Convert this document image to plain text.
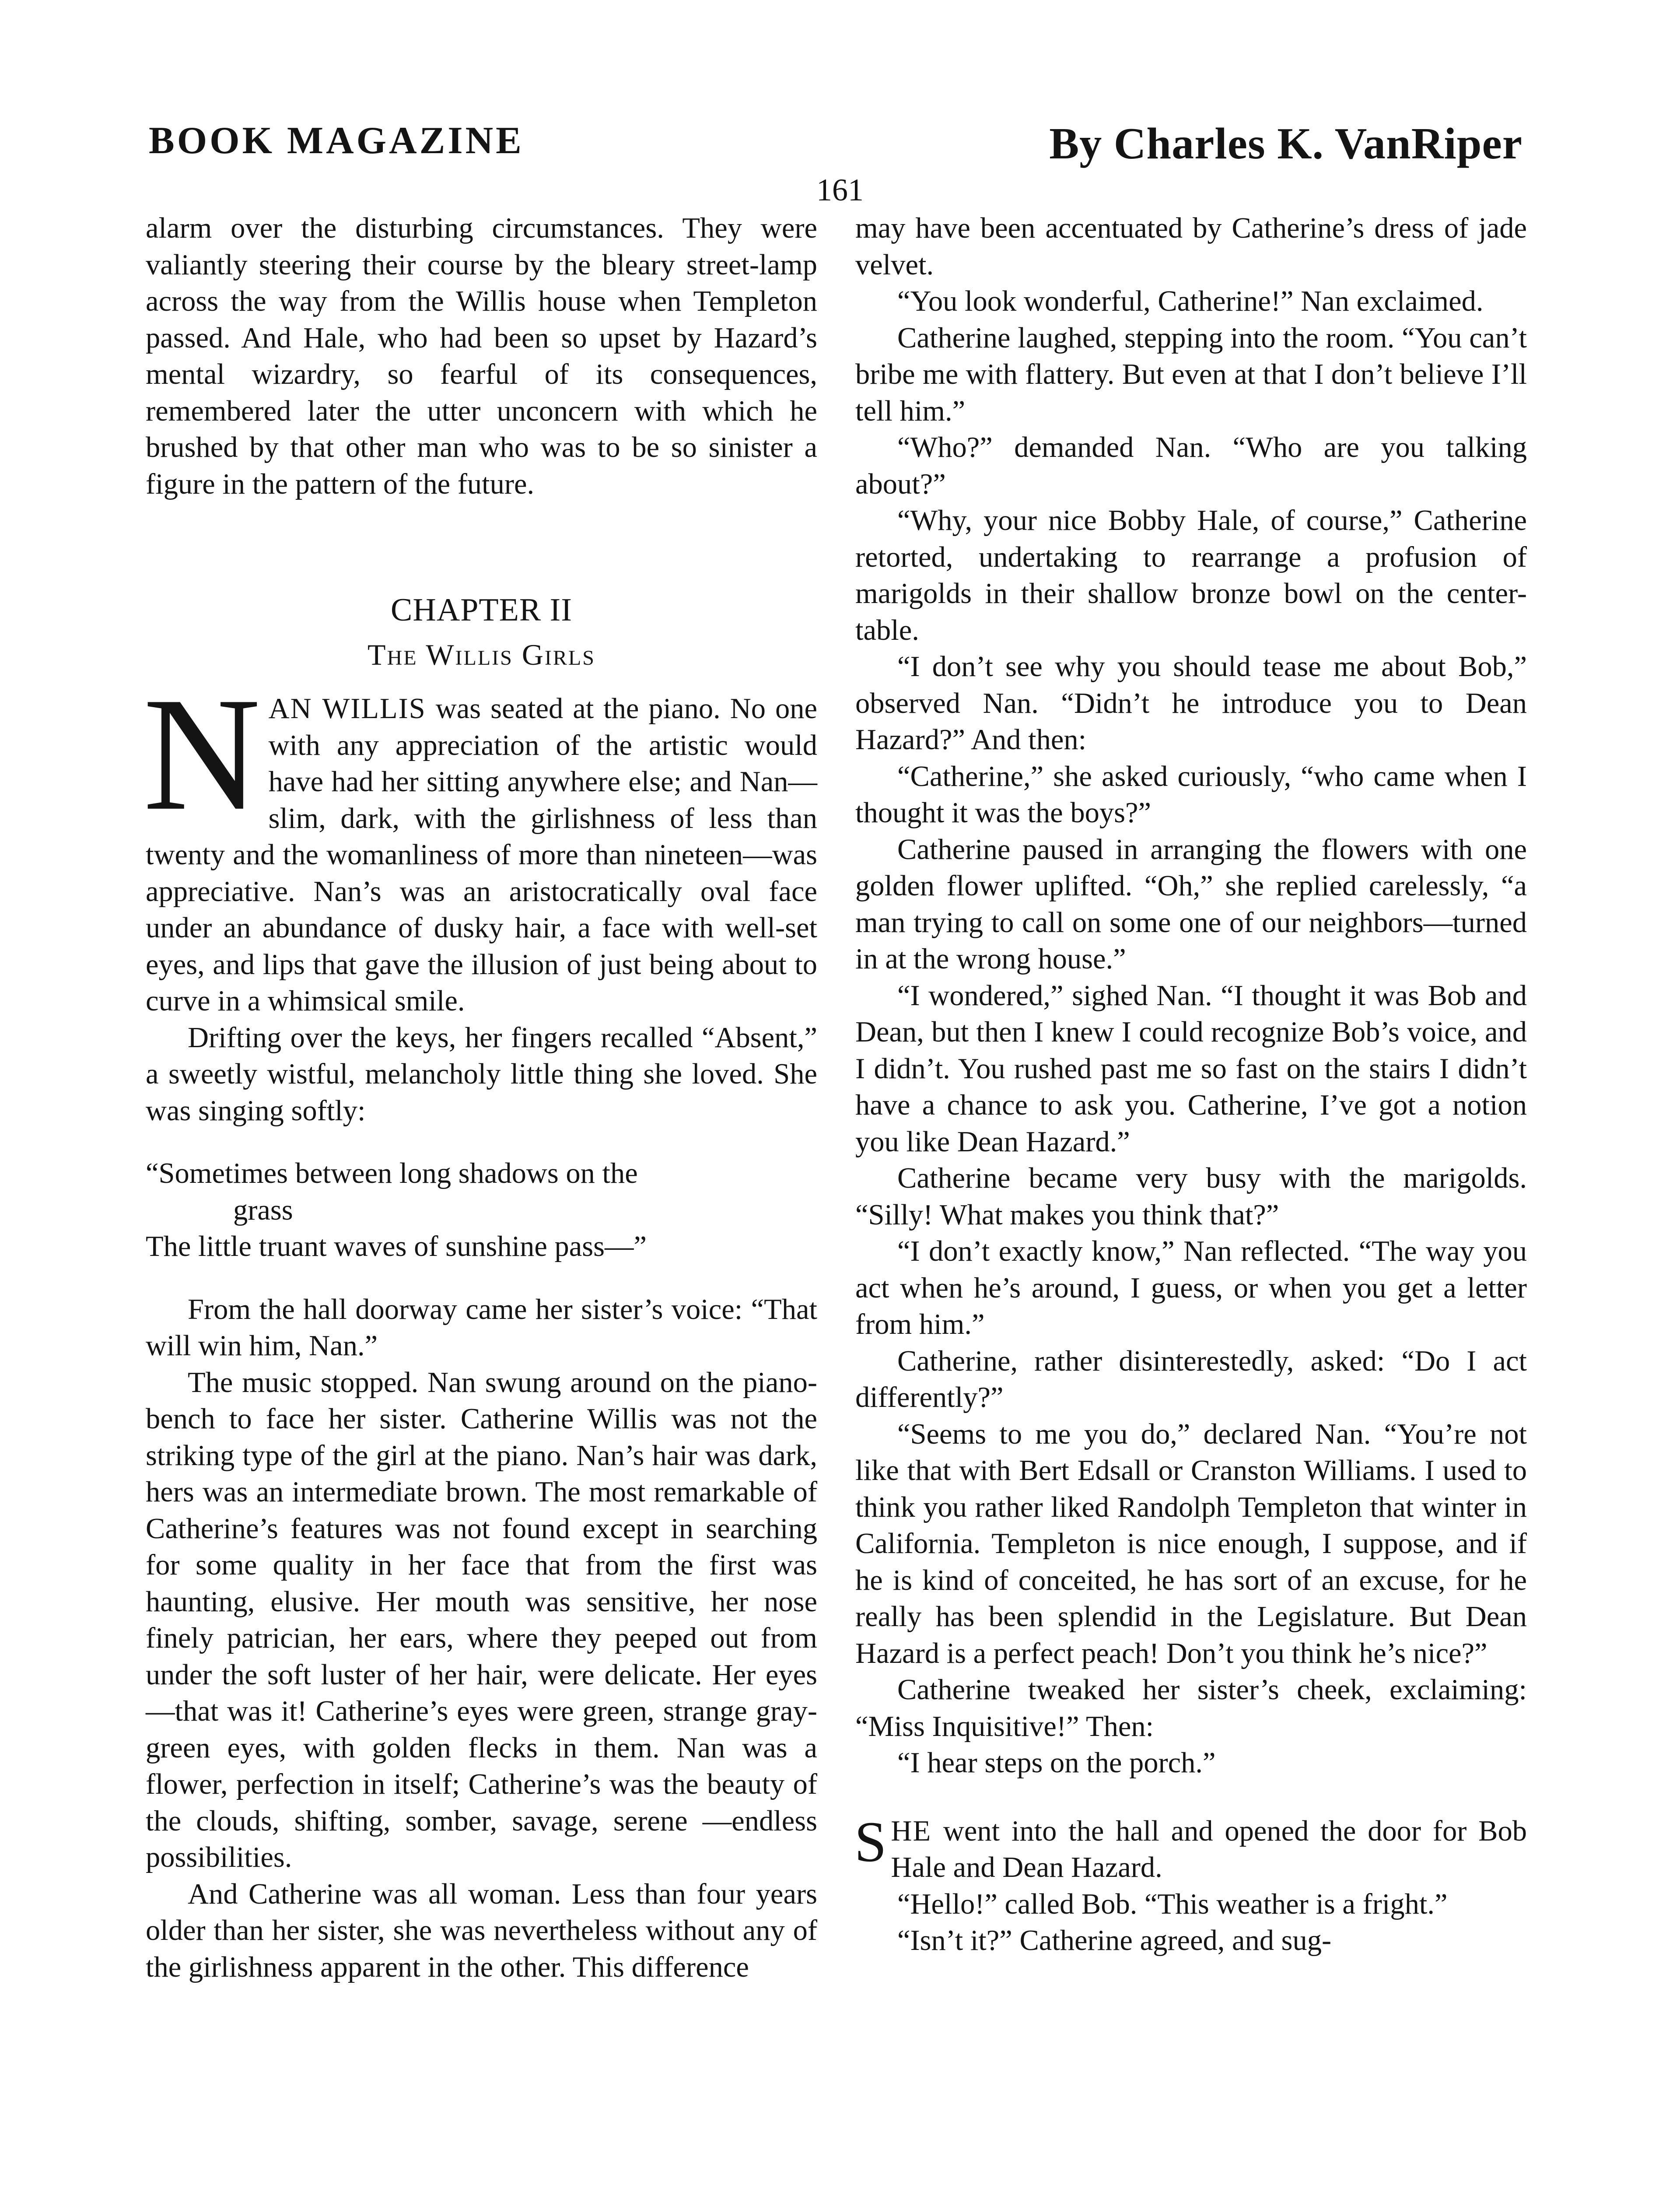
BOOK MAGAZINE	By Charles K. VanRiper
161

alarm over the disturbing circumstances. They were valiantly steering their course by the bleary street-lamp across the way from the Willis house when Templeton passed. And Hale, who had been so upset by Hazard’s mental wizardry, so fearful of its consequences, remembered later the utter unconcern with which he brushed by that other man who was to be so sinister a figure in the pattern of the future.

CHAPTER II

The Willis Girls

NAN WILLIS was seated at the piano. No one with any appreciation of the artistic would have had her sitting anywhere else; and Nan—slim, dark, with the girlishness of less than twenty and the womanliness of more than nineteen—was appreciative. Nan’s was an aristocratically oval face under an abundance of dusky hair, a face with well-set eyes, and lips that gave the illusion of just being about to curve in a whimsical smile.

Drifting over the keys, her fingers recalled “Absent,” a sweetly wistful, melancholy little thing she loved. She was singing softly:

“Sometimes between long shadows on the
grass
The little truant waves of sunshine pass—”

From the hall doorway came her sister’s voice: “That will win him, Nan.”

The music stopped. Nan swung around on the piano-bench to face her sister. Catherine Willis was not the striking type of the girl at the piano. Nan’s hair was dark, hers was an intermediate brown. The most remarkable of Catherine’s features was not found except in searching for some quality in her face that from the first was haunting, elusive. Her mouth was sensitive, her nose finely patrician, her ears, where they peeped out from under the soft luster of her hair, were delicate. Her eyes —that was it! Catherine’s eyes were green, strange gray-green eyes, with golden flecks in them. Nan was a flower, perfection in itself; Catherine’s was the beauty of the clouds, shifting, somber, savage, serene —endless possibilities.

And Catherine was all woman. Less than four years older than her sister, she was nevertheless without any of the girlishness apparent in the other. This difference

may have been accentuated by Catherine’s dress of jade velvet.

“You look wonderful, Catherine!” Nan exclaimed.

Catherine laughed, stepping into the room. “You can’t bribe me with flattery. But even at that I don’t believe I’ll tell him.”

“Who?” demanded Nan. “Who are you talking about?”

“Why, your nice Bobby Hale, of course,” Catherine retorted, undertaking to rearrange a profusion of marigolds in their shallow bronze bowl on the center-table.

“I don’t see why you should tease me about Bob,” observed Nan. “Didn’t he introduce you to Dean Hazard?” And then:

“Catherine,” she asked curiously, “who came when I thought it was the boys?”

Catherine paused in arranging the flowers with one golden flower uplifted. “Oh,” she replied carelessly, “a man trying to call on some one of our neighbors—turned in at the wrong house.”

“I wondered,” sighed Nan. “I thought it was Bob and Dean, but then I knew I could recognize Bob’s voice, and I didn’t. You rushed past me so fast on the stairs I didn’t have a chance to ask you. Catherine, I’ve got a notion you like Dean Hazard.”

Catherine became very busy with the marigolds. “Silly! What makes you think that?”

“I don’t exactly know,” Nan reflected. “The way you act when he’s around, I guess, or when you get a letter from him.”

Catherine, rather disinterestedly, asked: “Do I act differently?”

“Seems to me you do,” declared Nan. “You’re not like that with Bert Edsall or Cranston Williams. I used to think you rather liked Randolph Templeton that winter in California. Templeton is nice enough, I suppose, and if he is kind of conceited, he has sort of an excuse, for he really has been splendid in the Legislature. But Dean Hazard is a perfect peach! Don’t you think he’s nice?”

Catherine tweaked her sister’s cheek, exclaiming: “Miss Inquisitive!” Then:

“I hear steps on the porch.”

SHE went into the hall and opened the door for Bob Hale and Dean Hazard.

“Hello!” called Bob. “This weather is a fright.”

“Isn’t it?” Catherine agreed, and sug-
